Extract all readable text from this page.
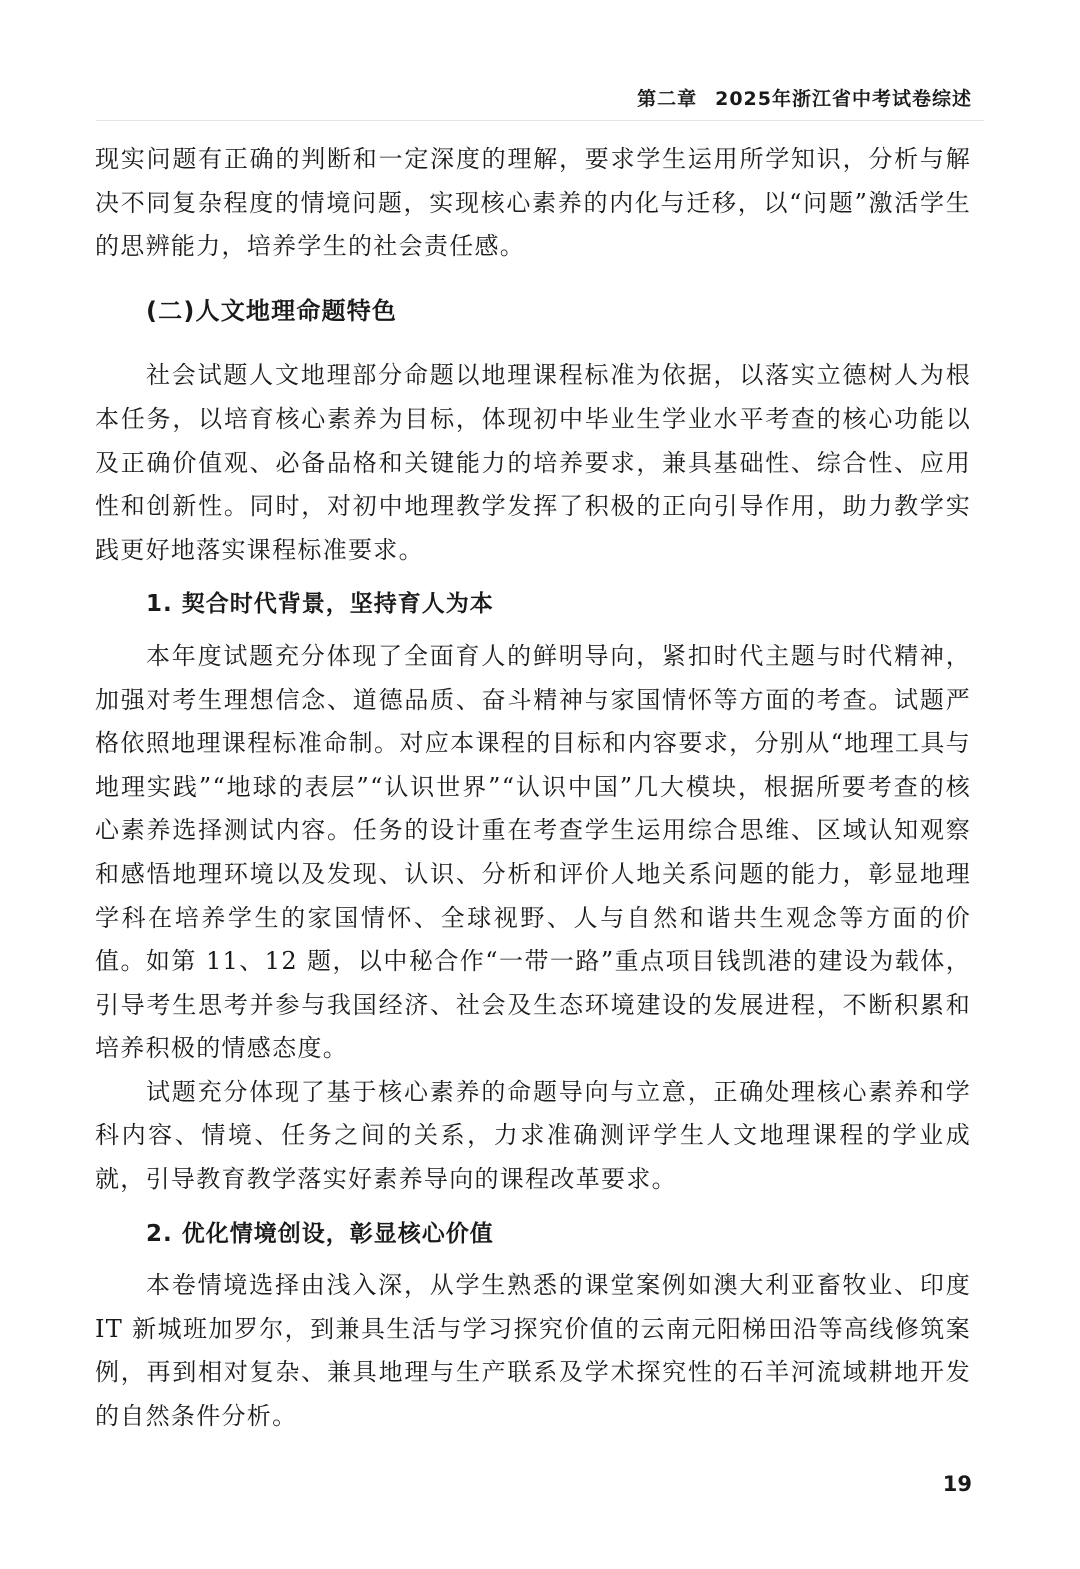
第二章 2025年浙江省中考试卷综述

现实问题有正确的判断和一定深度的理解，要求学生运用所学知识，分析与解决不同复杂程度的情境问题，实现核心素养的内化与迁移，以“问题”激活学生的思辨能力，培养学生的社会责任感。

(二)人文地理命题特色

社会试题人文地理部分命题以地理课程标准为依据，以落实立德树人为根本任务，以培育核心素养为目标，体现初中毕业生学业水平考查的核心功能以及正确价值观、必备品格和关键能力的培养要求，兼具基础性、综合性、应用性和创新性。同时，对初中地理教学发挥了积极的正向引导作用，助力教学实践更好地落实课程标准要求。

1. 契合时代背景，坚持育人为本

本年度试题充分体现了全面育人的鲜明导向，紧扣时代主题与时代精神，加强对考生理想信念、道德品质、奋斗精神与家国情怀等方面的考查。试题严格依照地理课程标准命制。对应本课程的目标和内容要求，分别从“地理工具与地理实践”“地球的表层”“认识世界”“认识中国”几大模块，根据所要考查的核心素养选择测试内容。任务的设计重在考查学生运用综合思维、区域认知观察和感悟地理环境以及发现、认识、分析和评价人地关系问题的能力，彰显地理学科在培养学生的家国情怀、全球视野、人与自然和谐共生观念等方面的价值。如第 11、12 题，以中秘合作“一带一路”重点项目钱凯港的建设为载体，引导考生思考并参与我国经济、社会及生态环境建设的发展进程，不断积累和培养积极的情感态度。

试题充分体现了基于核心素养的命题导向与立意，正确处理核心素养和学科内容、情境、任务之间的关系，力求准确测评学生人文地理课程的学业成就，引导教育教学落实好素养导向的课程改革要求。

2. 优化情境创设，彰显核心价值

本卷情境选择由浅入深，从学生熟悉的课堂案例如澳大利亚畜牧业、印度 IT 新城班加罗尔，到兼具生活与学习探究价值的云南元阳梯田沿等高线修筑案例，再到相对复杂、兼具地理与生产联系及学术探究性的石羊河流域耕地开发的自然条件分析。

19
